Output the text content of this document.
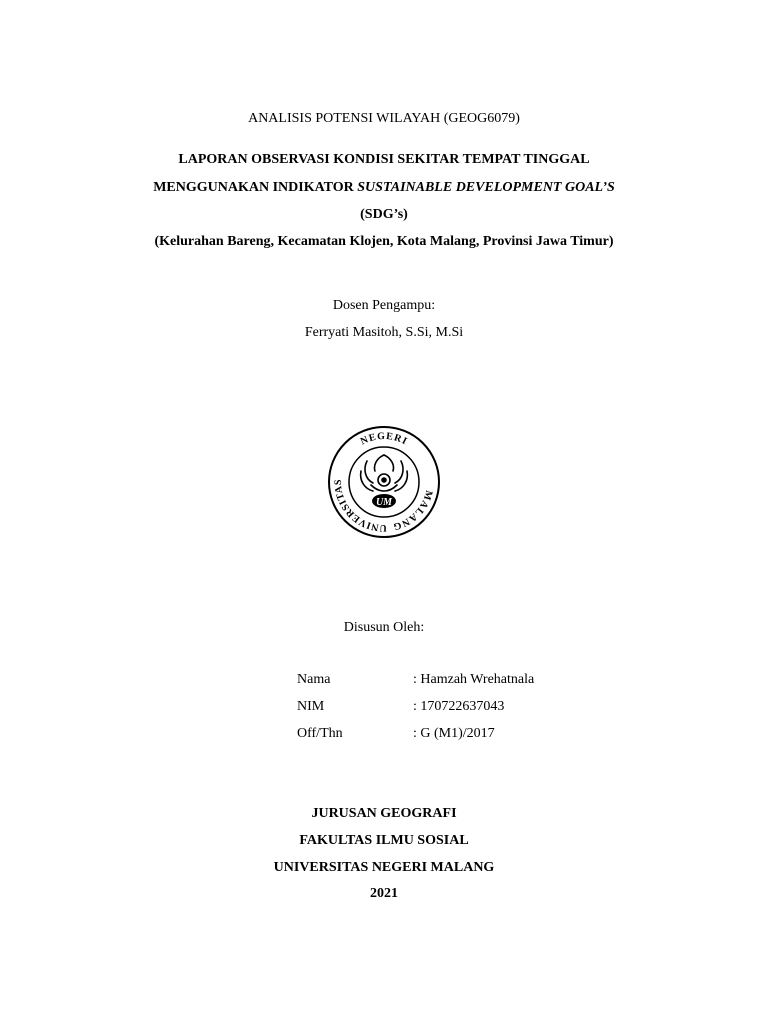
ANALISIS POTENSI WILAYAH (GEOG6079)
LAPORAN OBSERVASI KONDISI SEKITAR TEMPAT TINGGAL
MENGGUNAKAN INDIKATOR SUSTAINABLE DEVELOPMENT GOAL’S
(SDG’s)
(Kelurahan Bareng, Kecamatan Klojen, Kota Malang, Provinsi Jawa Timur)
Dosen Pengampu:
Ferryati Masitoh, S.Si, M.Si
NEGERI
UNIVERSITAS
MALANG
UM
Disusun Oleh:
Nama	: Hamzah Wrehatnala
NIM	: 170722637043
Off/Thn	: G (M1)/2017
JURUSAN GEOGRAFI
FAKULTAS ILMU SOSIAL
UNIVERSITAS NEGERI MALANG
2021
